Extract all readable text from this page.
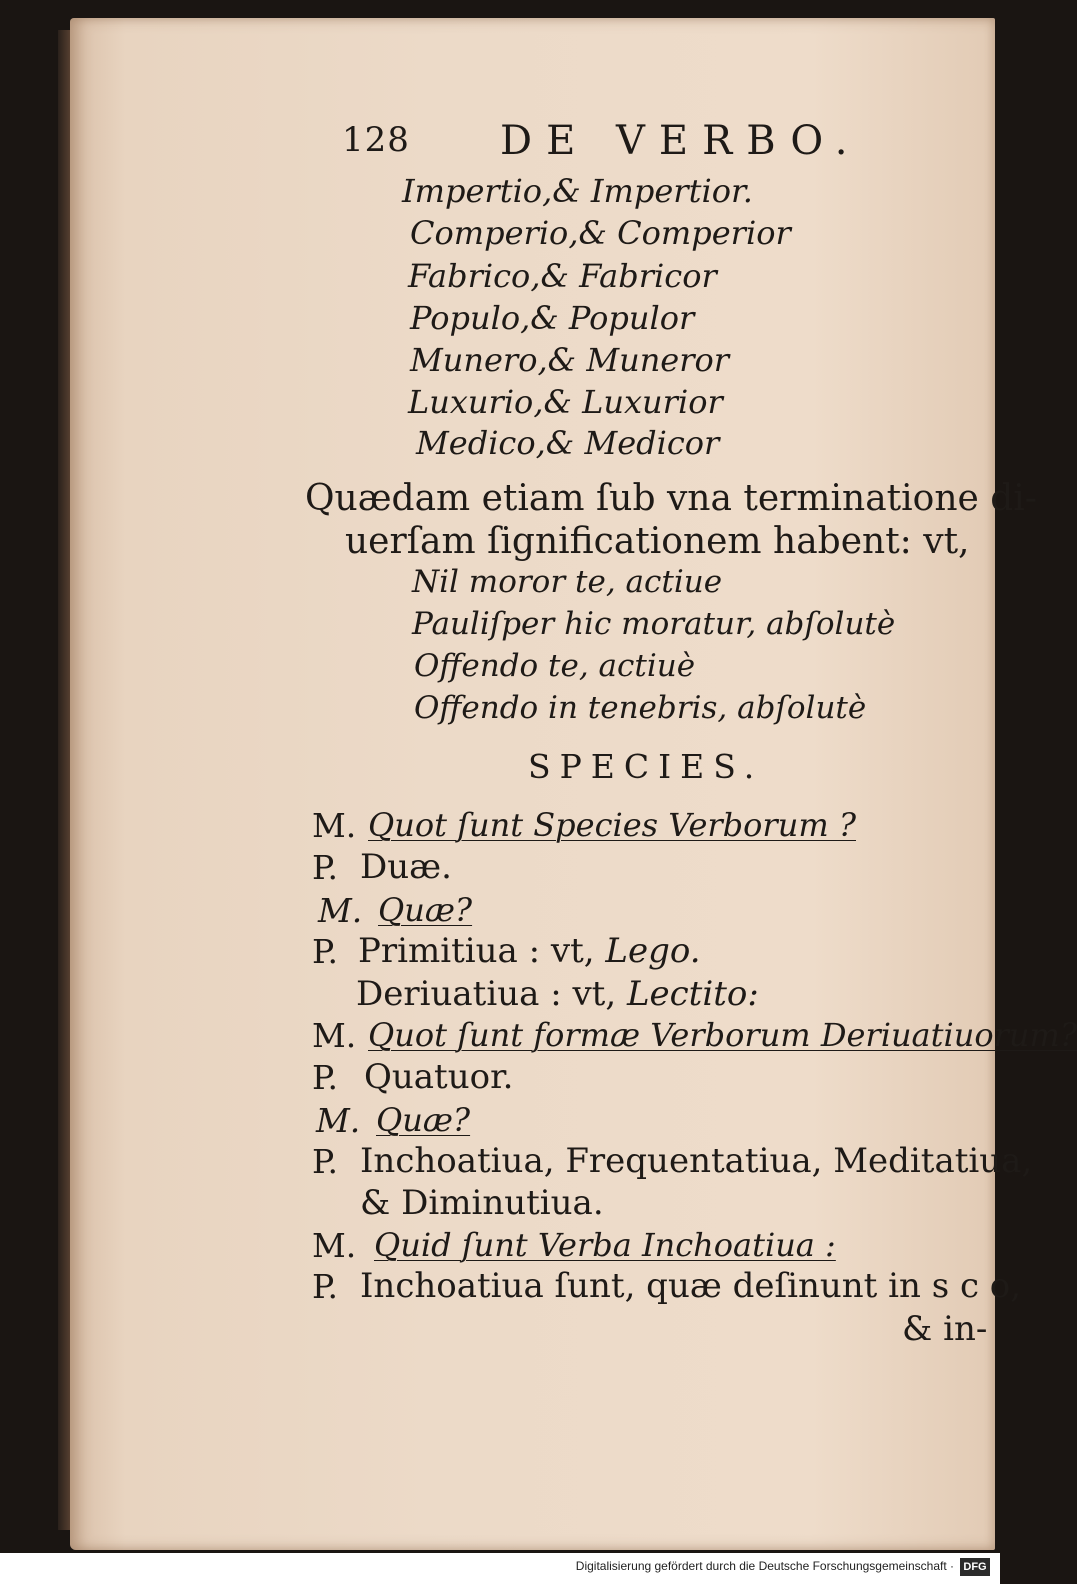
128 DE VERBO.
Impertio,& Impertior.
Comperio,& Comperior
Fabrico,& Fabricor
Populo,& Populor
Munero,& Muneror
Luxurio,& Luxurior
Medico,& Medicor
Quædam etiam ſub vna terminatione di-
uerſam ſignificationem habent: vt,
Nil moror te, actiue
Pauliſper hic moratur, abſolutè
Offendo te, actiuè
Offendo in tenebris, abſolutè
SPECIES.
M. Quot ſunt Species Verborum ?
P. Duæ.
M. Quæ?
P. Primitiua : vt, Lego.
Deriuatiua : vt, Lectito:
M. Quot ſunt formæ Verborum Deriuatiuorum?
P. Quatuor.
M. Quæ?
P. Inchoatiua, Frequentatiua, Meditatiua,
& Diminutiua.
M. Quid ſunt Verba Inchoatiua :
P. Inchoatiua ſunt, quæ deſinunt in s c o,
& in-
Digitalisierung gefördert durch die Deutsche Forschungsgemeinschaft · DFG
